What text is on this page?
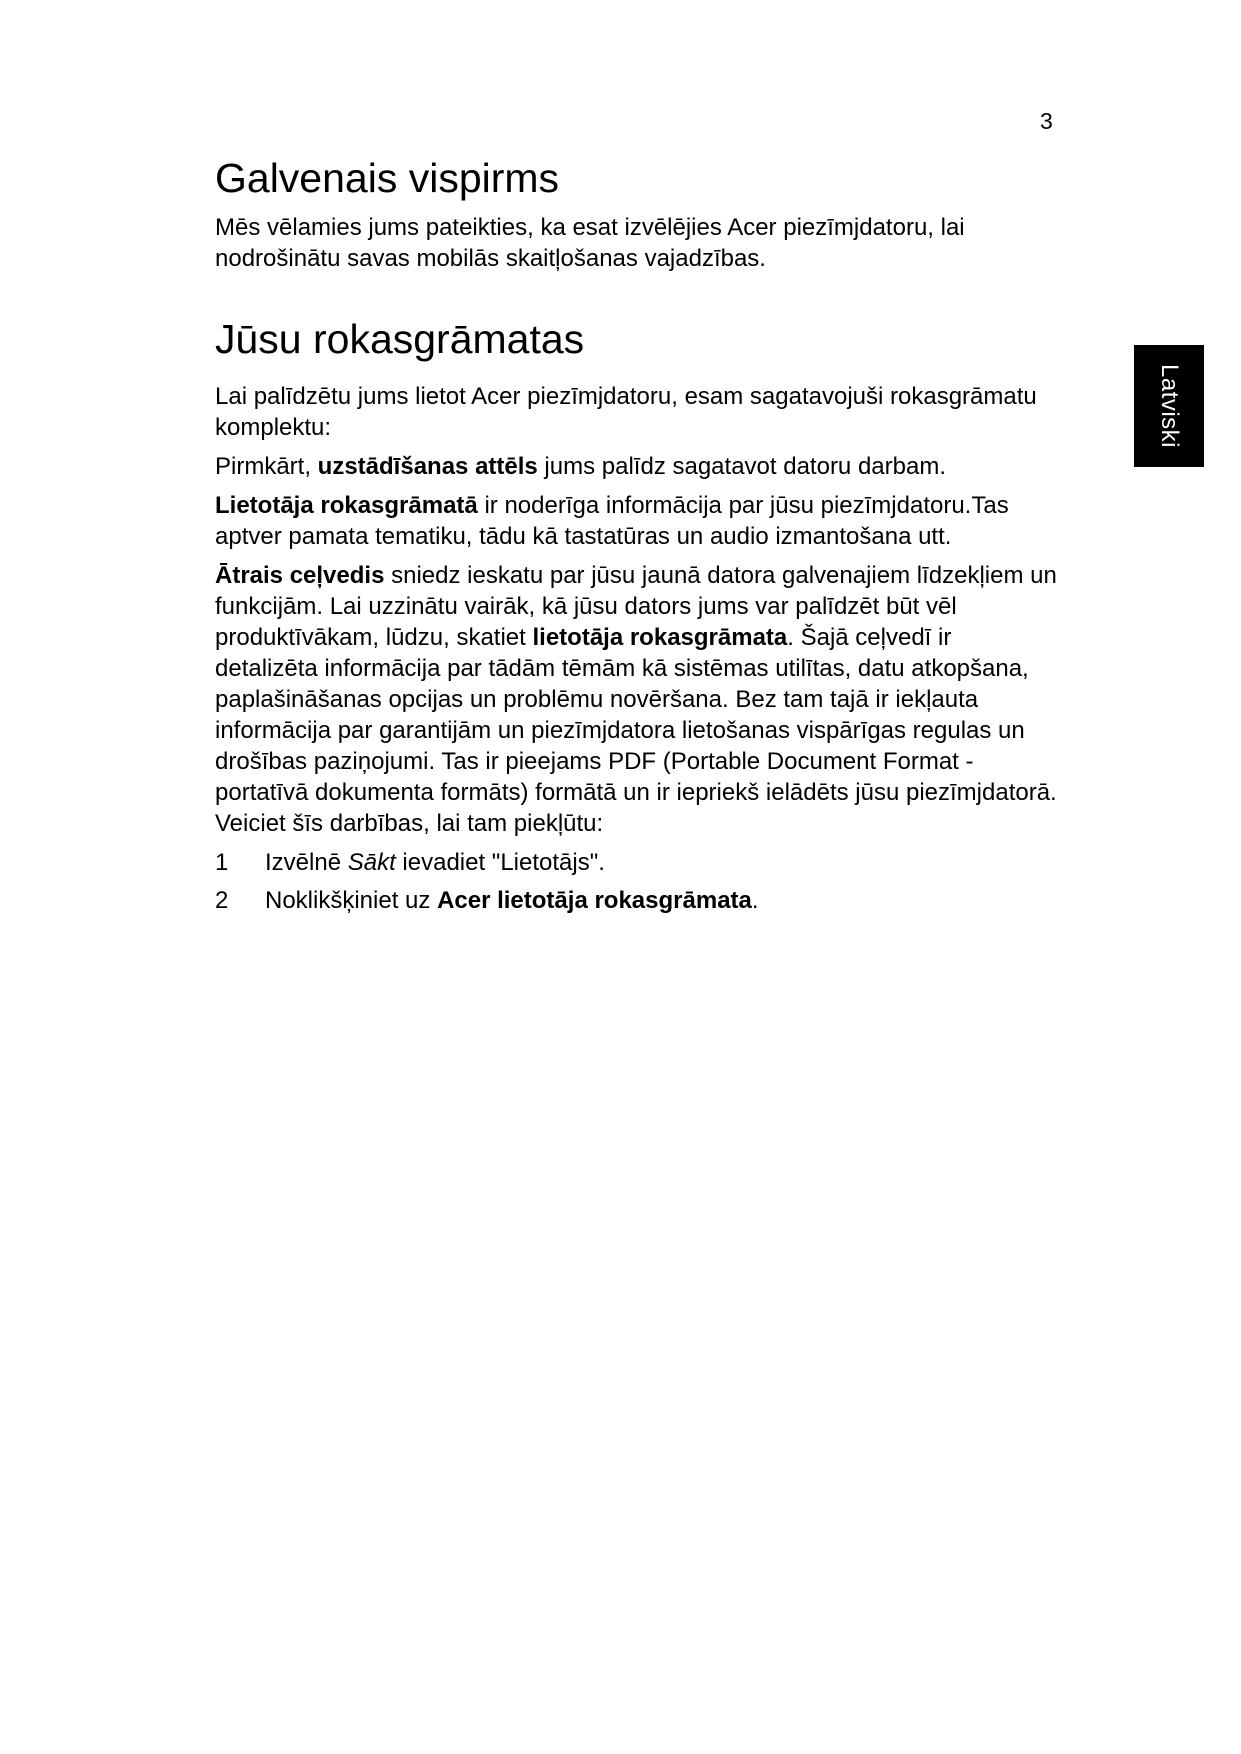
3
Latviski
Galvenais vispirms

Mēs vēlamies jums pateikties, ka esat izvēlējies Acer piezīmjdatoru, lai nodrošinātu savas mobilās skaitļošanas vajadzības.

Jūsu rokasgrāmatas

Lai palīdzētu jums lietot Acer piezīmjdatoru, esam sagatavojuši rokasgrāmatu komplektu:

Pirmkārt, uzstādīšanas attēls jums palīdz sagatavot datoru darbam.

Lietotāja rokasgrāmatā ir noderīga informācija par jūsu piezīmjdatoru.Tas aptver pamata tematiku, tādu kā tastatūras un audio izmantošana utt.

Ātrais ceļvedis sniedz ieskatu par jūsu jaunā datora galvenajiem līdzekļiem un funkcijām. Lai uzzinātu vairāk, kā jūsu dators jums var palīdzēt būt vēl produktīvākam, lūdzu, skatiet lietotāja rokasgrāmata. Šajā ceļvedī ir detalizēta informācija par tādām tēmām kā sistēmas utilītas, datu atkopšana, paplašināšanas opcijas un problēmu novēršana. Bez tam tajā ir iekļauta informācija par garantijām un piezīmjdatora lietošanas vispārīgas regulas un drošības paziņojumi. Tas ir pieejams PDF (Portable Document Format - portatīvā dokumenta formāts) formātā un ir iepriekš ielādēts jūsu piezīmjdatorā. Veiciet šīs darbības, lai tam piekļūtu:

1	Izvēlnē Sākt ievadiet "Lietotājs".
2	Noklikšķiniet uz Acer lietotāja rokasgrāmata.
